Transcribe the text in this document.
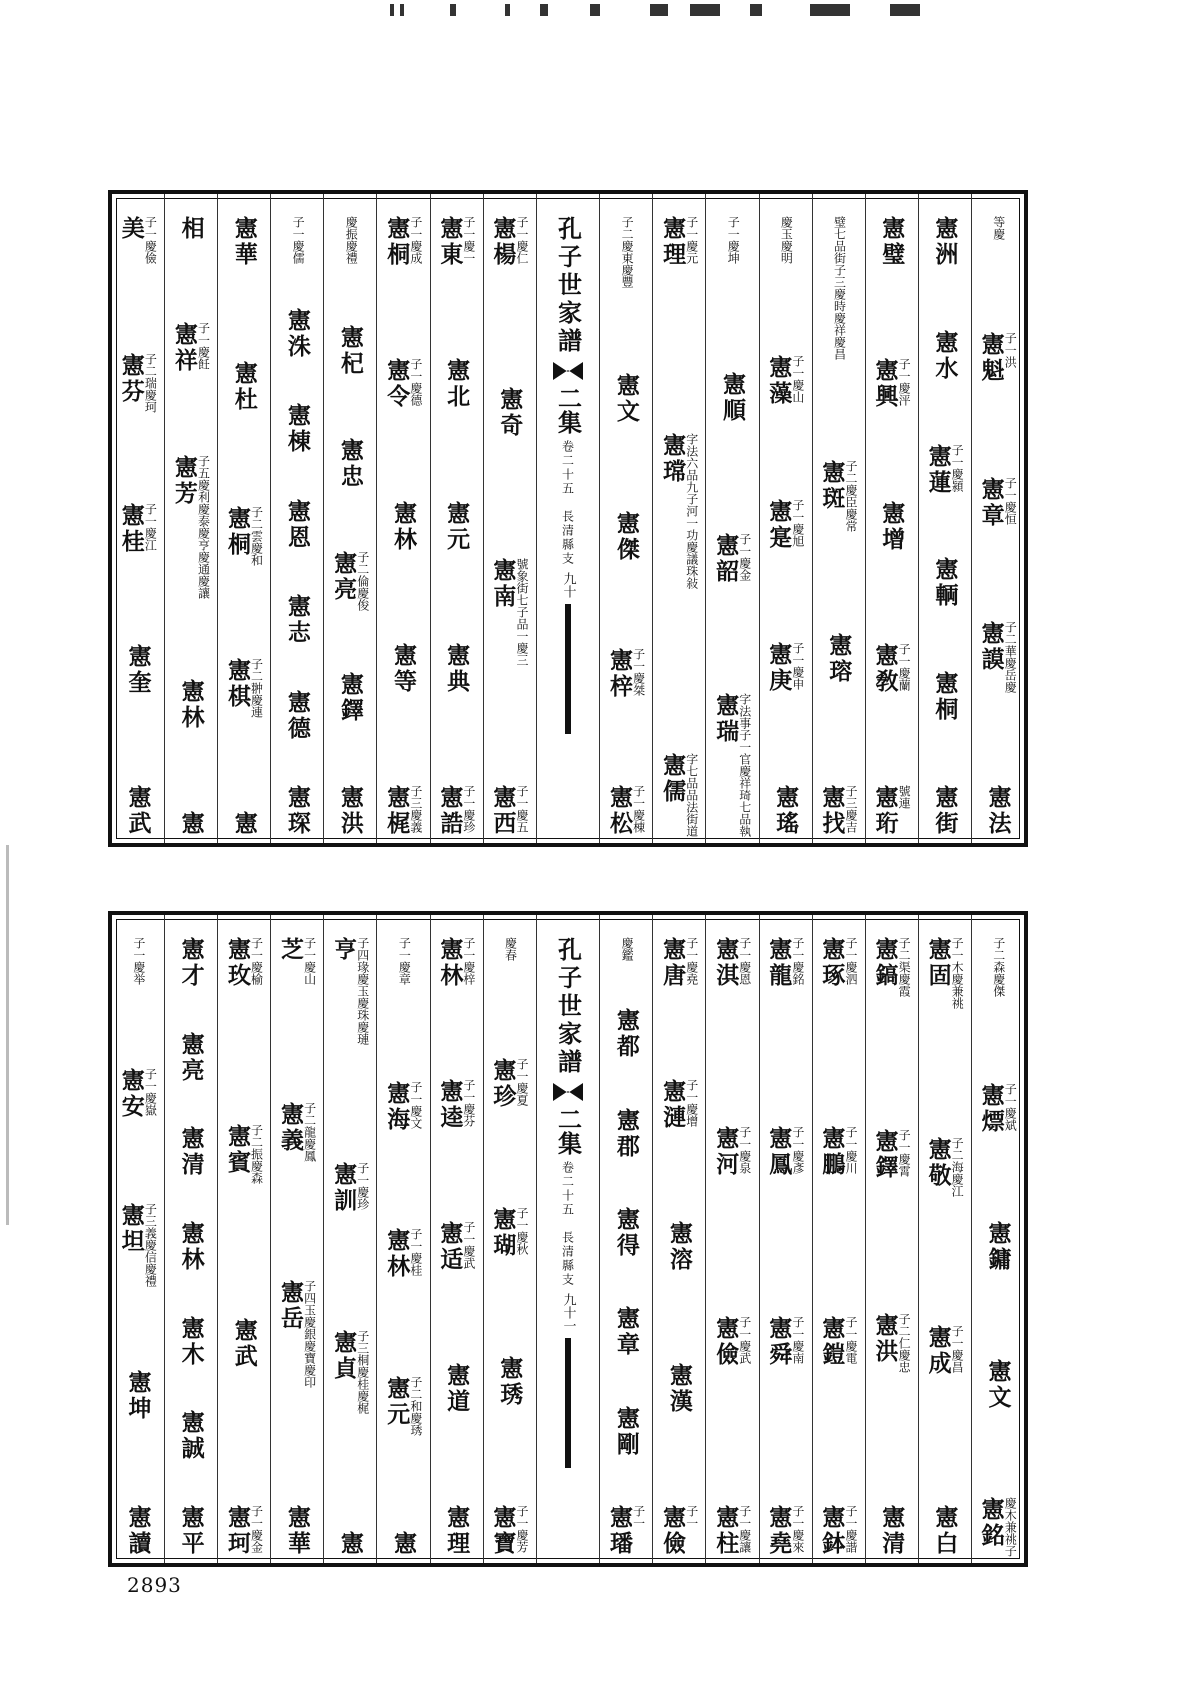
美
子一慶儉
憲芬
子二瑞慶珂
憲桂
子一慶江
憲奎
憲武
相
憲祥
子一慶飪
憲芳
子五慶利慶泰慶亨慶通慶讓
憲林
憲
憲華
憲杜
憲桐
子二雲慶和
憲棋
子二翀慶連
憲
子一慶儒
憲洙
憲棟
憲恩
憲志
憲德
憲琛
慶振慶禮
憲杞
憲忠
憲亮
子二倫慶俊
憲鐸
憲洪
憲桐
子一慶成
憲令
子一慶德
憲林
憲等
憲梶
子三慶義
憲東
子一慶一
憲北
憲元
憲典
憲誥
子一慶珍
憲楊
子一慶仁
憲奇
憲南
號象街七子品一慶三
憲西
子一慶五
孔子世家譜
二集
卷二十五　長清縣支
九十
子二慶東慶豐
憲文
憲傑
憲梓
子一慶桀
憲松
子一慶棟
憲理
子一慶元
憲瑺
字法六品九子河一功慶議珠敍
憲儒
字七品品法街道
子一慶坤
憲順
憲韶
子一慶金
憲瑞
字法事子一官慶祥琦七品執
慶玉慶明
憲藻
子一慶山
憲寔
子一慶旭
憲庚
子一慶申
憲瑤
璧七品街子三慶時慶祥慶昌
憲斑
子二慶臣慶常
憲瑢
憲找
子三慶吉
憲璧
憲興
子一慶泙
憲增
憲敎
子一慶蘭
憲珩
號連
憲洲
憲水
憲蓮
子一慶潁
憲輌
憲桐
憲街
等慶
憲魁
子一洪
憲章
子一慶恒
憲謨
子二華慶岳慶
憲法
子一慶举
憲安
子一慶嶽
憲坦
子三義慶信慶禮
憲坤
憲讀
憲才
憲亮
憲清
憲林
憲木
憲誠
憲平
憲玫
子一慶榆
憲賓
子二振慶森
憲武
憲珂
子一慶金
芝
子一慶山
憲義
子二龍慶鳳
憲岳
子四玉慶銀慶寶慶印
憲華
亨
子四瑑慶玉慶珠慶璉
憲訓
子一慶珍
憲貞
子三桐慶桂慶梶
憲
子一慶章
憲海
子一慶文
憲林
子一慶桂
憲元
子二和慶琇
憲
憲林
子一慶梓
憲逵
子一慶芬
憲适
子一慶武
憲道
憲理
慶春
憲珍
子一慶夏
憲瑚
子一慶秋
憲琇
憲寶
子一慶芳
孔子世家譜
二集
卷二十五　長清縣支
九十一
慶鑑
憲都
憲郡
憲得
憲章
憲剛
憲璠
子一
憲唐
子一慶堯
憲漣
子一慶增
憲溶
憲漢
憲儉
子一
憲淇
子一慶恩
憲河
子一慶泉
憲儉
子一慶武
憲柱
子一慶讓
憲龍
子一慶銘
憲鳳
子一慶彥
憲舜
子一慶南
憲堯
子一慶來
憲琢
子一慶泗
憲鵬
子一慶川
憲鎧
子一慶電
憲鉢
子一慶諧
憲鎬
子二渠慶霞
憲鐸
子一慶霄
憲洪
子二仁慶忠
憲清
憲固
子一木慶兼祧
憲敬
子二海慶江
憲成
子一慶昌
憲白
子二森慶傑
憲熛
子一慶斌
憲鏞
憲文
憲銘
慶木兼祧子
2893
